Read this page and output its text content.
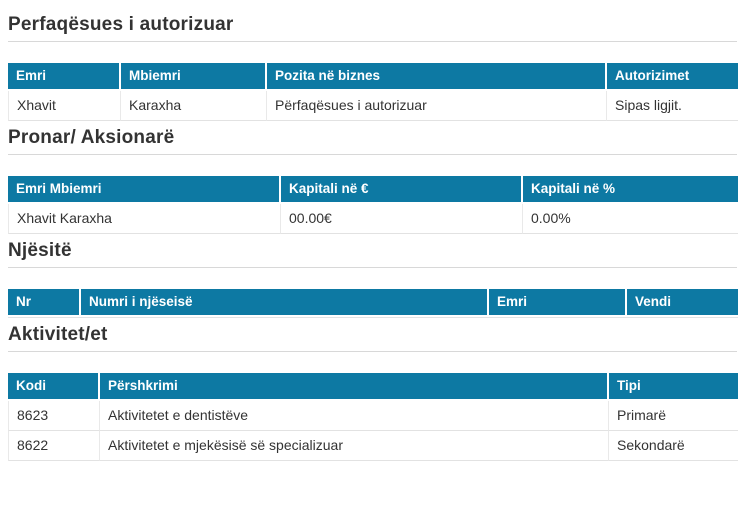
Perfaqësues i autorizuar
Emri	Mbiemri	Pozita në biznes	Autorizimet
Xhavit	Karaxha	Përfaqësues i autorizuar	Sipas ligjit.
Pronar/ Aksionarë
Emri Mbiemri	Kapitali në €	Kapitali në %
Xhavit Karaxha	00.00€	0.00%
Njësitë
Nr	Numri i njëseisë	Emri	Vendi
Aktivitet/et
Kodi	Përshkrimi	Tipi
8623	Aktivitetet e dentistëve	Primarë
8622	Aktivitetet e mjekësisë së specializuar	Sekondarë
